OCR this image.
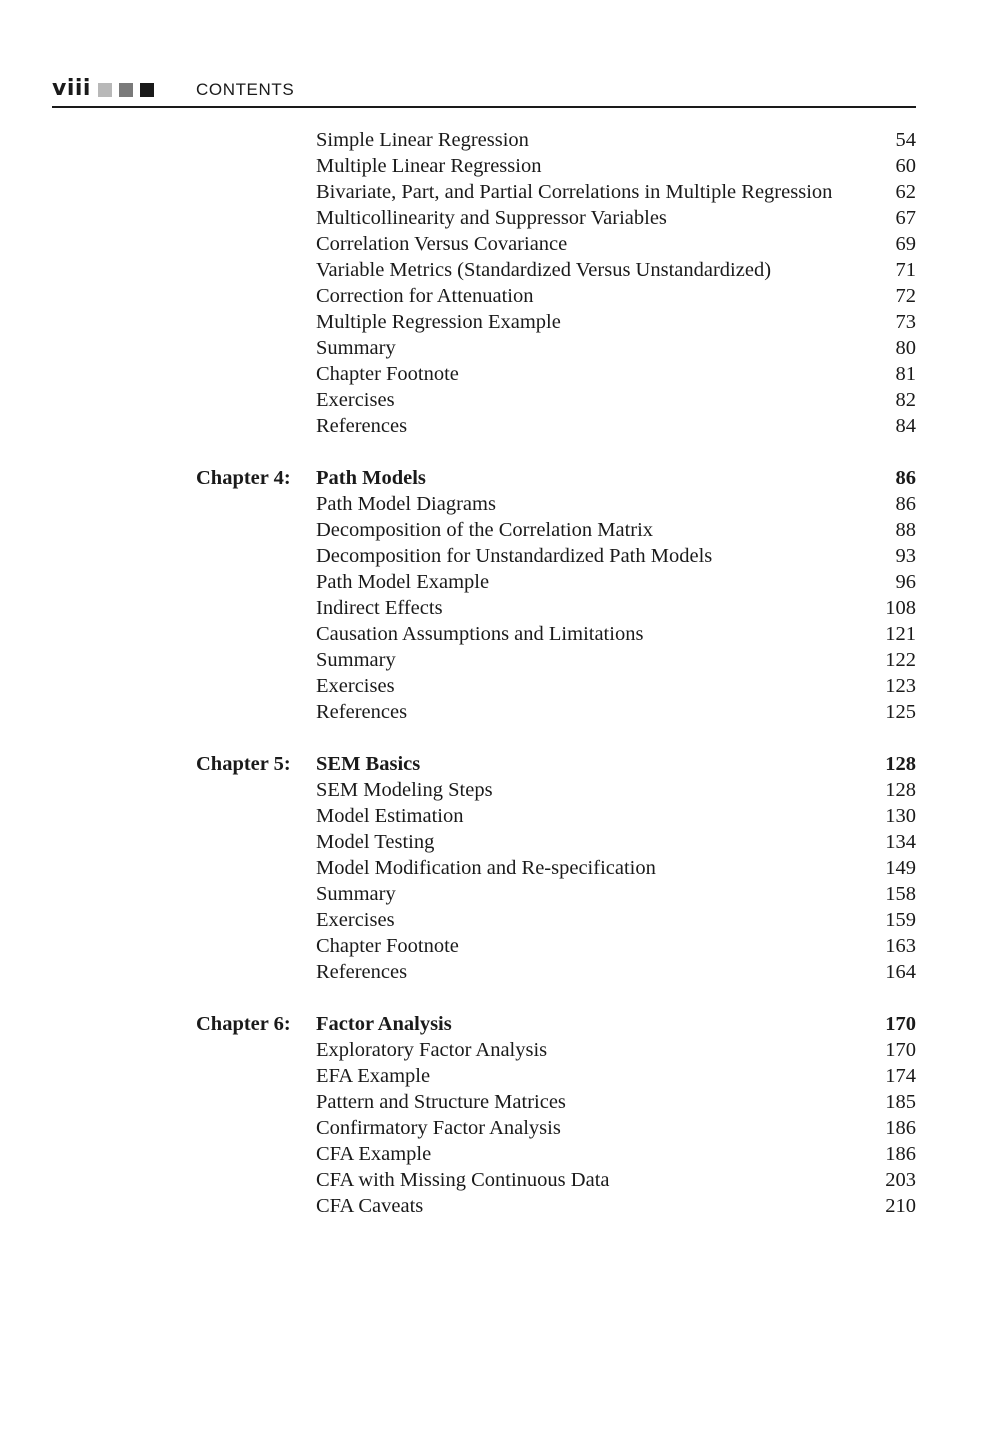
viii	CONTENTS
Simple Linear Regression	54
Multiple Linear Regression	60
Bivariate, Part, and Partial Correlations in Multiple Regression	62
Multicollinearity and Suppressor Variables	67
Correlation Versus Covariance	69
Variable Metrics (Standardized Versus Unstandardized)	71
Correction for Attenuation	72
Multiple Regression Example	73
Summary	80
Chapter Footnote	81
Exercises	82
References	84
Chapter 4: Path Models	86
Path Model Diagrams	86
Decomposition of the Correlation Matrix	88
Decomposition for Unstandardized Path Models	93
Path Model Example	96
Indirect Effects	108
Causation Assumptions and Limitations	121
Summary	122
Exercises	123
References	125
Chapter 5: SEM Basics	128
SEM Modeling Steps	128
Model Estimation	130
Model Testing	134
Model Modification and Re-specification	149
Summary	158
Exercises	159
Chapter Footnote	163
References	164
Chapter 6: Factor Analysis	170
Exploratory Factor Analysis	170
EFA Example	174
Pattern and Structure Matrices	185
Confirmatory Factor Analysis	186
CFA Example	186
CFA with Missing Continuous Data	203
CFA Caveats	210
